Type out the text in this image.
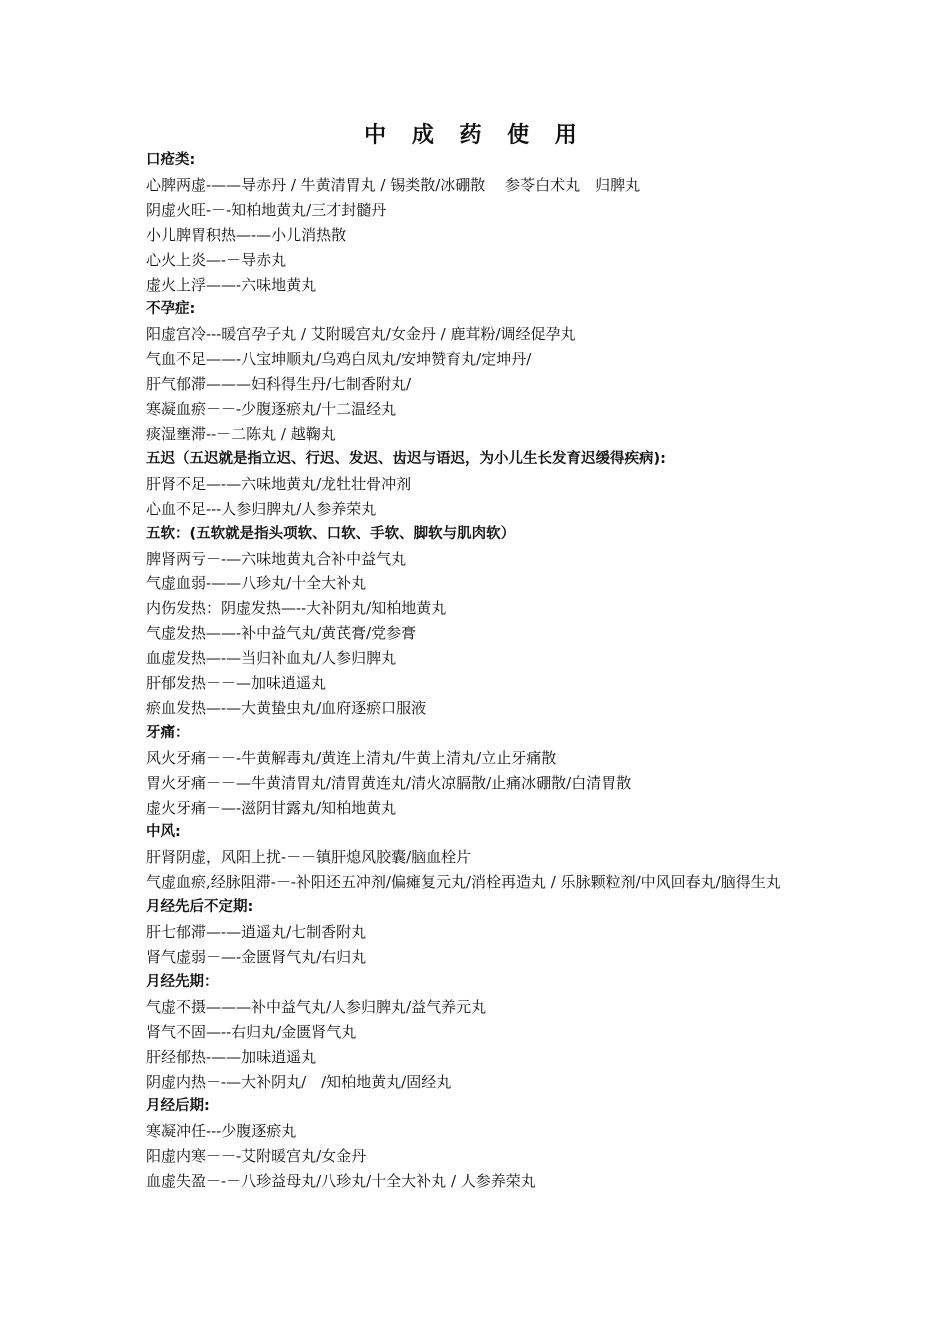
中 成 药 使 用
口疮类:
心脾两虚-——导赤丹 / 牛黄清胃丸 / 锡类散/冰硼散　 参苓白术丸　归脾丸
阴虚火旺-－-知柏地黄丸/三才封髓丹
小儿脾胃积热—-—小儿消热散
心火上炎—-－导赤丸
虚火上浮——-六味地黄丸
不孕症:
阳虚宫冷---暖宫孕子丸 / 艾附暖宫丸/女金丹 / 鹿茸粉/调经促孕丸
气血不足——-八宝坤顺丸/乌鸡白凤丸/安坤赞育丸/定坤丹/
肝气郁滞———妇科得生丹/七制香附丸/
寒凝血瘀－－-少腹逐瘀丸/十二温经丸
痰湿壅滞--－二陈丸 / 越鞠丸
五迟（五迟就是指立迟、行迟、发迟、齿迟与语迟，为小儿生长发育迟缓得疾病):
肝肾不足—-—六味地黄丸/龙牡壮骨冲剂
心血不足---人参归脾丸/人参养荣丸
五软：(五软就是指头项软、口软、手软、脚软与肌肉软）
脾肾两亏－-—六味地黄丸合补中益气丸
气虚血弱-——八珍丸/十全大补丸
内伤发热：阴虚发热—--大补阴丸/知柏地黄丸
气虚发热——-补中益气丸/黄芪膏/党参膏
血虚发热—-—当归补血丸/人参归脾丸
肝郁发热－－—加味逍遥丸
瘀血发热—-—大黄蛰虫丸/血府逐瘀口服液
牙痛：
风火牙痛－－-牛黄解毒丸/黄连上清丸/牛黄上清丸/立止牙痛散
胃火牙痛－－—牛黄清胃丸/清胃黄连丸/清火凉膈散/止痛冰硼散/白清胃散
虚火牙痛－—-滋阴甘露丸/知柏地黄丸
中风:
肝肾阴虚，风阳上扰-－－镇肝熄风胶囊/脑血栓片
气虚血瘀,经脉阻滞-－-补阳还五冲剂/偏瘫复元丸/消栓再造丸 / 乐脉颗粒剂/中风回春丸/脑得生丸
月经先后不定期:
肝七郁滞—-—逍遥丸/七制香附丸
肾气虚弱－—-金匮肾气丸/右归丸
月经先期：
气虚不摄———补中益气丸/人参归脾丸/益气养元丸
肾气不固—--右归丸/金匮肾气丸
肝经郁热-——加味逍遥丸
阴虚内热－-—大补阴丸/　/知柏地黄丸/固经丸
月经后期:
寒凝冲任---少腹逐瘀丸
阳虚内寒－－-艾附暖宫丸/女金丹
血虚失盈－-－八珍益母丸/八珍丸/十全大补丸 / 人参养荣丸
